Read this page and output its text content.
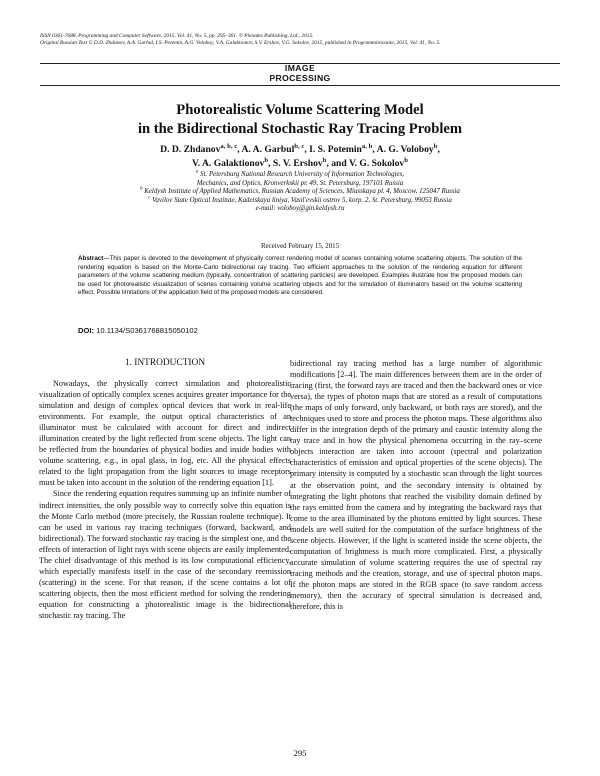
ISSN 0361-7688, Programming and Computer Software, 2015, Vol. 41, No. 5, pp. 295–301. © Pleiades Publishing, Ltd., 2015.
Original Russian Text © D.D. Zhdanov, A.A. Garbul, I.S. Potemin, A.G. Voloboy, V.A. Galaktionov, S.V. Ershov, V.G. Sokolov, 2015, published in Programmirovanie, 2015, Vol. 41, No. 5.
IMAGE
PROCESSING
Photorealistic Volume Scattering Model
in the Bidirectional Stochastic Ray Tracing Problem
D. D. Zhdanov$^{a, b, c}$, A. A. Garbul$^{b, c}$, I. S. Potemin$^{a, b}$, A. G. Voloboy$^b$,
V. A. Galaktionov$^b$, S. V. Ershov$^b$, and V. G. Sokolov$^b$
$^a$ St. Petersburg National Research University of Information Technologies,
Mechanics, and Optics, Kronverkskii pr. 49, St. Petersburg, 197101 Russia
$^b$ Keldysh Institute of Applied Mathematics, Russian Academy of Sciences, Miusskaya pl. 4, Moscow, 125047 Russia
$^c$ Vavilov State Optical Institute, Kadetskaya liniya, Vasil'evskii ostrov 5, korp. 2, St. Petersburg, 99053 Russia
e-mail: voloboy@gin.keldysh.ru
Received February 15, 2015
Abstract—This paper is devoted to the development of physically correct rendering model of scenes containing volume scattering objects. The solution of the rendering equation is based on the Monte-Carlo bidirectional ray tracing. Two efficient approaches to the solution of the rendering equation for different parameters of the volume scattering medium (typically, concentration of scattering particles) are developed. Examples illustrate how the proposed models can be used for photorealistic visualization of scenes containing volume scattering objects and for the simulation of illuminators based on the volume scattering effect. Possible limitations of the application field of the proposed models are considered.
DOI: 10.1134/S0361768815050102
1. INTRODUCTION

Nowadays, the physically correct simulation and photorealistic visualization of optically complex scenes acquires greater importance for the simulation and design of complex optical devices that work in real-life environments. For example, the output optical characteristics of an illuminator must be calculated with account for direct and indirect illumination created by the light reflected from scene objects. The light can be reflected from the boundaries of physical bodies and inside bodies with volume scattering, e.g., in opal glass, in fog, etc. All the physical effects related to the light propagation from the light sources to image receptors must be taken into account in the solution of the rendering equation [1].

Since the rendering equation requires summing up an infinite number of indirect intensities, the only possible way to correctly solve this equation is the Monte Carlo method (more precisely, the Russian roulette technique). It can be used in various ray tracing techniques (forward, backward, and bidirectional). The forward stochastic ray tracing is the simplest one, and the effects of interaction of light rays with scene objects are easily implemented. The chief disadvantage of this method is its low computational efficiency, which especially manifests itself in the case of the secondary reemission (scattering) in the scene. For that reason, if the scene contains a lot of scattering objects, then the most efficient method for solving the rendering equation for constructing a photorealistic image is the bidirectional stochastic ray tracing. The

bidirectional ray tracing method has a large number of algorithmic modifications [2–4]. The main differences between them are in the order of tracing (first, the forward rays are traced and then the backward ones or vice versa), the types of photon maps that are stored as a result of computations (the maps of only forward, only backward, or both rays are stored), and the techniques used to store and process the photon maps. These algorithms also differ in the integration depth of the primary and caustic intensity along the ray trace and in how the physical phenomena occurring in the ray–scene objects interaction are taken into account (spectral and polarization characteristics of emission and optical properties of the scene objects). The primary intensity is computed by a stochastic scan through the light sources at the observation point, and the secondary intensity is obtained by integrating the light photons that reached the visibility domain defined by the rays emitted from the camera and by integrating the backward rays that come to the area illuminated by the photons emitted by light sources. These models are well suited for the computation of the surface brightness of the scene objects. However, if the light is scattered inside the scene objects, the computation of brightness is much more complicated. First, a physically accurate simulation of volume scattering requires the use of spectral ray tracing methods and the creation, storage, and use of spectral photon maps. If the photon maps are stored in the RGB space (to save random access memory), then the accuracy of spectral simulation is decreased and, therefore, this is

295
